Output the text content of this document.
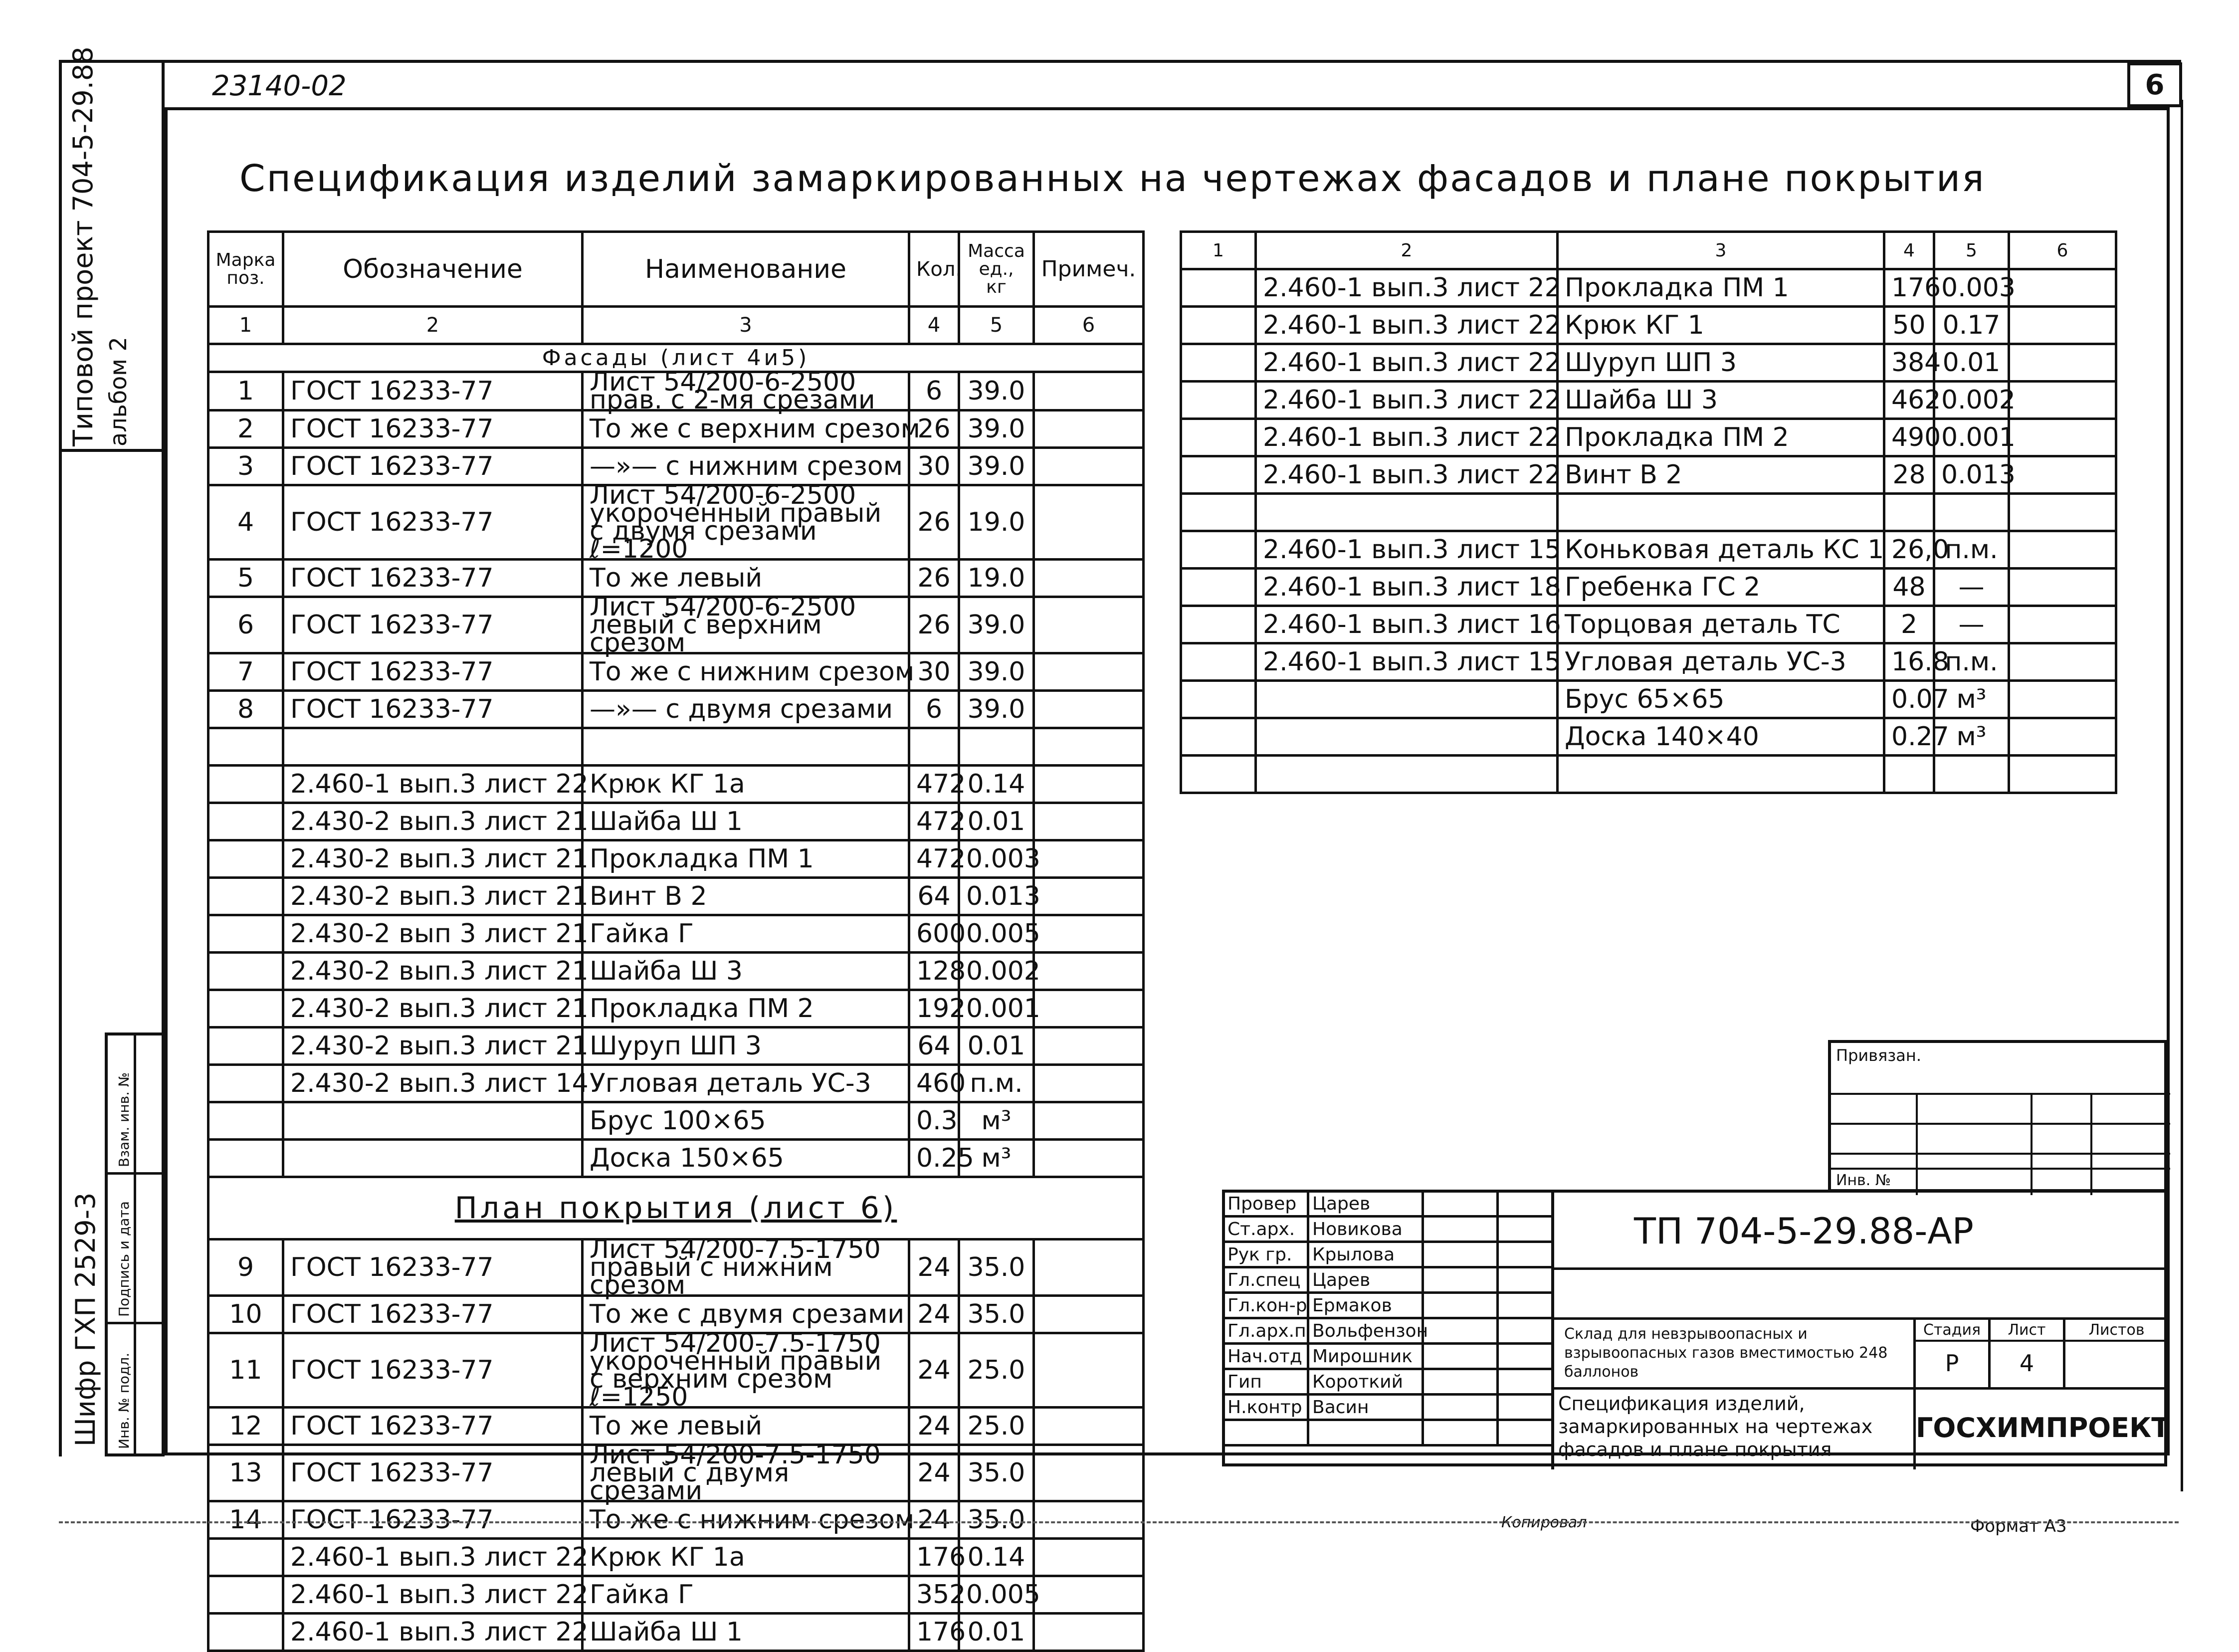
23140-02	6
Спецификация изделий замаркированных на чертежах фасадов и плане покрытия
Типовой проект 704-5-29.88 альбом 2
Шифр ГХП 2529-3
Взам. инв. №
Подпись и дата
Инв. № подл.
Марка поз.	Обозначение	Наименование	Кол.	Масса ед., кг	Примеч.
1	2	3	4	5	6
Фасады (лист 4и5)					
1	ГОСТ 16233-77	Лист 54/200-6-2500 прав. с 2-мя срезами	6	39.0	
2	ГОСТ 16233-77	То же с верхним срезом	26	39.0	
3	ГОСТ 16233-77	—»— с нижним срезом	30	39.0	
4	ГОСТ 16233-77	Лист 54/200-6-2500 укороченный правый с двумя срезами ℓ=1200	26	19.0	
5	ГОСТ 16233-77	То же левый	26	19.0	
6	ГОСТ 16233-77	Лист 54/200-6-2500 левый с верхним срезом	26	39.0	
7	ГОСТ 16233-77	То же с нижним срезом	30	39.0	
8	ГОСТ 16233-77	—»— с двумя срезами	6	39.0	

	2.460-1 вып.3 лист 22	Крюк КГ 1а	472	0.14	
	2.430-2 вып.3 лист 21	Шайба Ш 1	472	0.01	
	2.430-2 вып.3 лист 21	Прокладка ПМ 1	472	0.003	
	2.430-2 вып.3 лист 21	Винт В 2	64	0.013	
	2.430-2 вып 3 лист 21	Гайка Г	600	0.005	
	2.430-2 вып.3 лист 21	Шайба Ш 3	128	0.002	
	2.430-2 вып.3 лист 21	Прокладка ПМ 2	192	0.001	
	2.430-2 вып.3 лист 21	Шуруп ШП 3	64	0.01	
	2.430-2 вып.3 лист 14	Угловая деталь УС-3	460	п.м.	
		Брус 100×65	0.3	м³	
		Доска 150×65	0.25	м³	
План покрытия (лист 6)					
9	ГОСТ 16233-77	Лист 54/200-7.5-1750 правый с нижним срезом	24	35.0	
10	ГОСТ 16233-77	То же с двумя срезами	24	35.0	
11	ГОСТ 16233-77	Лист 54/200-7.5-1750 укороченный правый с верхним срезом ℓ=1250	24	25.0	
12	ГОСТ 16233-77	То же левый	24	25.0	
13	ГОСТ 16233-77	Лист 54/200-7.5-1750 левый с двумя срезами	24	35.0	
14	ГОСТ 16233-77	То же с нижним срезом	24	35.0	
	2.460-1 вып.3 лист 22	Крюк КГ 1а	176	0.14	
	2.460-1 вып.3 лист 22	Гайка Г	352	0.005	
	2.460-1 вып.3 лист 22	Шайба Ш 1	176	0.01	
1	2	3	4	5	6
	2.460-1 вып.3 лист 22	Прокладка ПМ 1	176	0.003	
	2.460-1 вып.3 лист 22	Крюк КГ 1	50	0.17	
	2.460-1 вып.3 лист 22	Шуруп ШП 3	384	0.01	
	2.460-1 вып.3 лист 22	Шайба Ш 3	462	0.002	
	2.460-1 вып.3 лист 22	Прокладка ПМ 2	490	0.001	
	2.460-1 вып.3 лист 22	Винт В 2	28	0.013	

	2.460-1 вып.3 лист 15	Коньковая деталь КС 1	26,0	п.м.	
	2.460-1 вып.3 лист 18	Гребенка ГС 2	48	—	
	2.460-1 вып.3 лист 16	Торцовая деталь ТС	2	—	
	2.460-1 вып.3 лист 15	Угловая деталь УС-3	16.8	п.м.	
		Брус 65×65	0.07	м³	
		Доска 140×40	0.27	м³	

Привязан.
Инв. №
Провер	Царев		
Ст.арх.	Новикова		
Рук гр.	Крылова		
Гл.спец	Царев		
Гл.кон-р	Ермаков		
Гл.арх.п	Вольфензон		
Нач.отд	Мирошник		
Гип	Короткий		
Н.контр	Васин		

ТП 704-5-29.88-АР
Склад для невзрывоопасных и взрывоопасных газов вместимостью 248 баллонов
Спецификация изделий, замаркированных на чертежах фасадов и плане покрытия
Стадия	Лист	Листов
Р	4
ГОСХИМПРОЕКТ
Копировал	Формат А3
